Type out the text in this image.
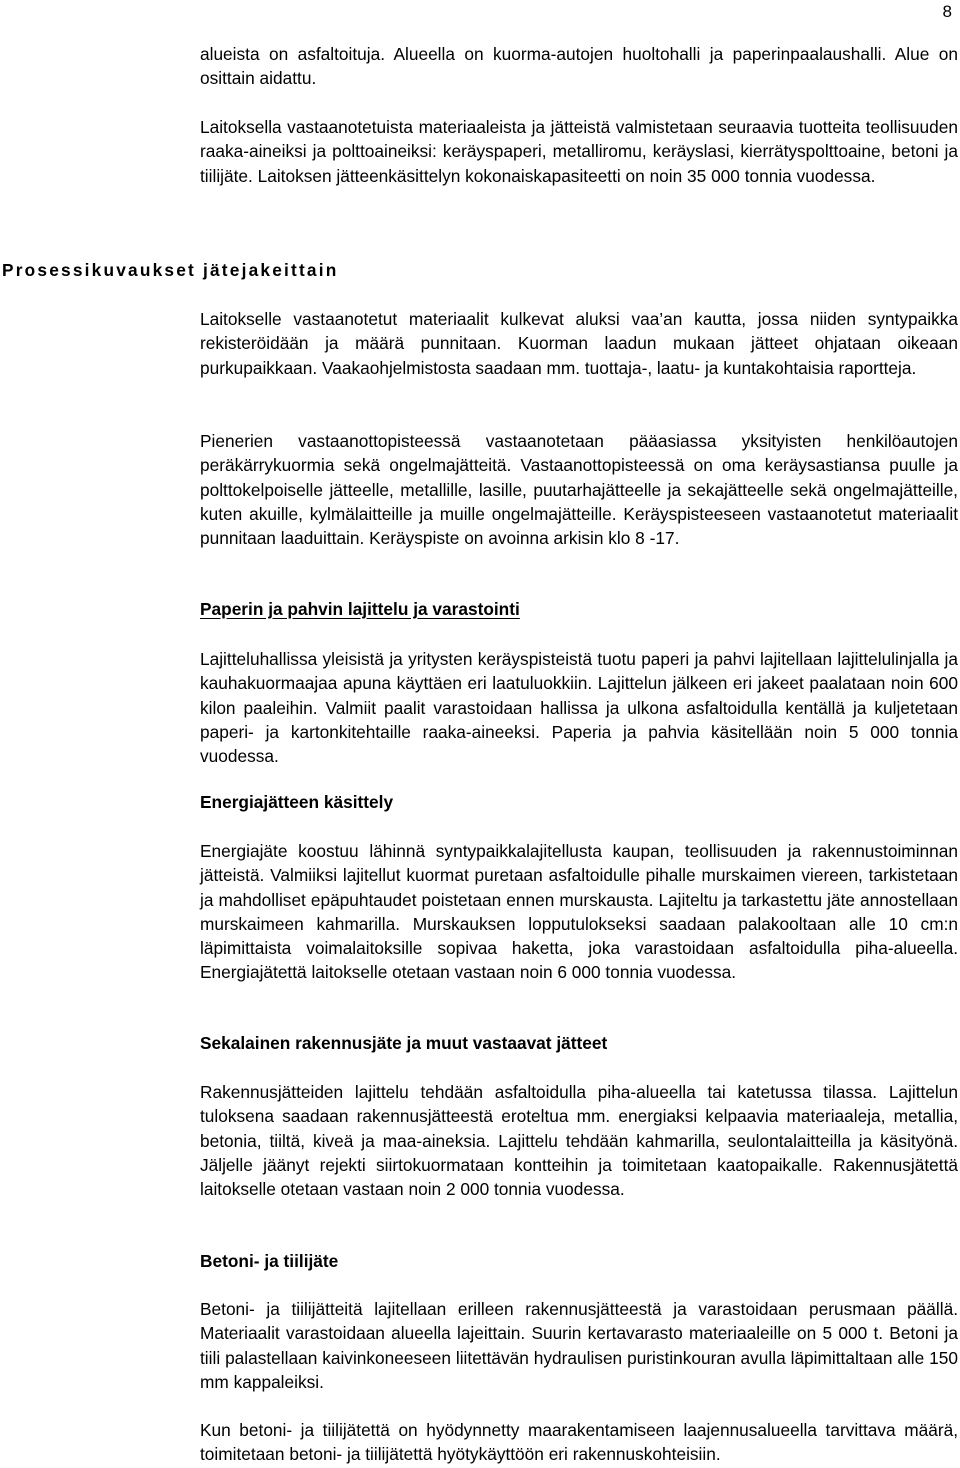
8

alueista on asfaltoituja. Alueella on kuorma-autojen huoltohalli ja paperinpaalaushalli. Alue on osittain aidattu.

Laitoksella vastaanotetuista materiaaleista ja jätteistä valmistetaan seuraavia tuotteita teollisuuden raaka-aineiksi ja polttoaineiksi: keräyspaperi, metalliromu, keräyslasi, kierrätyspolttoaine, betoni ja tiilijäte. Laitoksen jätteenkäsittelyn kokonaiskapasiteetti on noin 35 000 tonnia vuodessa.

Prosessikuvaukset jätejakeittain

Laitokselle vastaanotetut materiaalit kulkevat aluksi vaa’an kautta, jossa niiden syntypaikka rekisteröidään ja määrä punnitaan. Kuorman laadun mukaan jätteet ohjataan oikeaan purkupaikkaan. Vaakaohjelmistosta saadaan mm. tuottaja-, laatu- ja kuntakohtaisia raportteja.

Pienerien vastaanottopisteessä vastaanotetaan pääasiassa yksityisten henkilöautojen peräkärrykuormia sekä ongelmajätteitä. Vastaanottopisteessä on oma keräysastiansa puulle ja polttokelpoiselle jätteelle, metallille, lasille, puutarhajätteelle ja sekajätteelle sekä ongelmajätteille, kuten akuille, kylmälaitteille ja muille ongelmajätteille. Keräyspisteeseen vastaanotetut materiaalit punnitaan laaduittain. Keräyspiste on avoinna arkisin klo 8 -17.

Paperin ja pahvin lajittelu ja varastointi

Lajitteluhallissa yleisistä ja yritysten keräyspisteistä tuotu paperi ja pahvi lajitellaan lajittelulinjalla ja kauhakuormaajaa apuna käyttäen eri laatuluokkiin. Lajittelun jälkeen eri jakeet paalataan noin 600 kilon paaleihin. Valmiit paalit varastoidaan hallissa ja ulkona asfaltoidulla kentällä ja kuljetetaan paperi- ja kartonkitehtaille raaka-aineeksi. Paperia ja pahvia käsitellään noin 5 000 tonnia vuodessa.

Energiajätteen käsittely

Energiajäte koostuu lähinnä syntypaikkalajitellusta kaupan, teollisuuden ja rakennustoiminnan jätteistä. Valmiiksi lajitellut kuormat puretaan asfaltoidulle pihalle murskaimen viereen, tarkistetaan ja mahdolliset epäpuhtaudet poistetaan ennen murskausta. Lajiteltu ja tarkastettu jäte annostellaan murskaimeen kahmarilla. Murskauksen lopputulokseksi saadaan palakooltaan alle 10 cm:n läpimittaista voimalaitoksille sopivaa haketta, joka varastoidaan asfaltoidulla piha-alueella. Energiajätettä laitokselle otetaan vastaan noin 6 000 tonnia vuodessa.

Sekalainen rakennusjäte ja muut vastaavat jätteet

Rakennusjätteiden lajittelu tehdään asfaltoidulla piha-alueella tai katetussa tilassa. Lajittelun tuloksena saadaan rakennusjätteestä eroteltua mm. energiaksi kelpaavia materiaaleja, metallia, betonia, tiiltä, kiveä ja maa-aineksia. Lajittelu tehdään kahmarilla, seulontalaitteilla ja käsityönä. Jäljelle jäänyt rejekti siirtokuormataan kontteihin ja toimitetaan kaatopaikalle. Rakennusjätettä laitokselle otetaan vastaan noin 2 000 tonnia vuodessa.

Betoni- ja tiilijäte

Betoni- ja tiilijätteitä lajitellaan erilleen rakennusjätteestä ja varastoidaan perusmaan päällä. Materiaalit varastoidaan alueella lajeittain. Suurin kertavarasto materiaaleille on 5 000 t. Betoni ja tiili palastellaan kaivinkoneeseen liitettävän hydraulisen puristinkouran avulla läpimittaltaan alle 150 mm kappaleiksi.

Kun betoni- ja tiilijätettä on hyödynnetty maarakentamiseen laajennusalueella tarvittava määrä, toimitetaan betoni- ja tiilijätettä hyötykäyttöön eri rakennuskohteisiin.
